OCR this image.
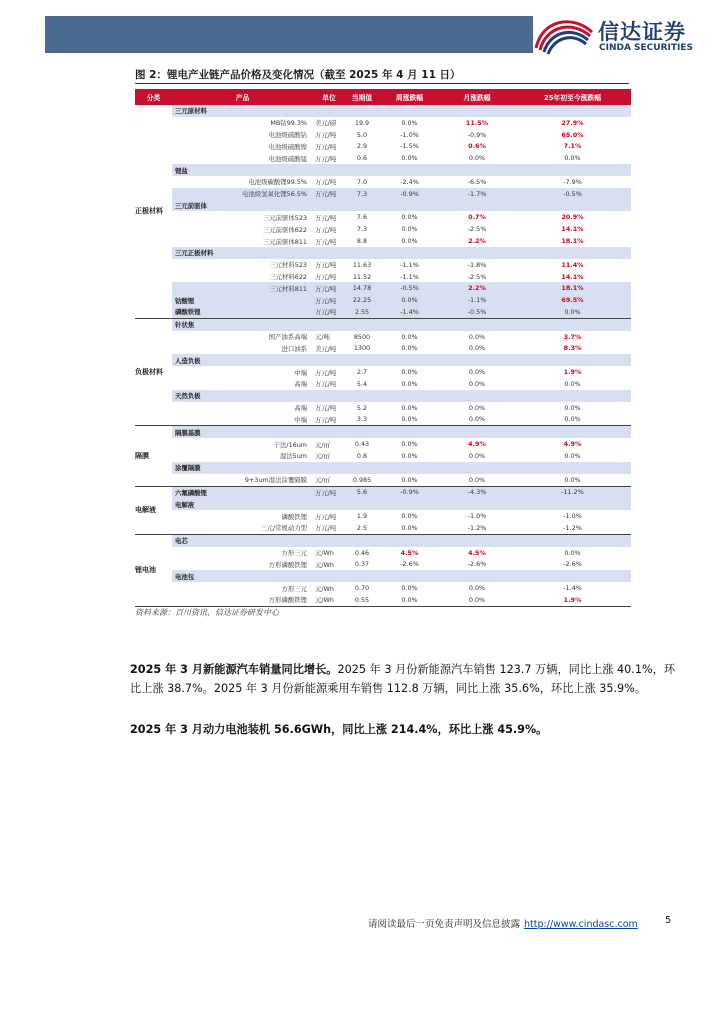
信达证券
CINDA SECURITIES
图 2：锂电产业链产品价格及变化情况（截至 2025 年 4 月 11 日）
分类	产品	单位	当期值	周涨跌幅	月涨跌幅	25年初至今涨跌幅
正极材料	三元原材料					
	MB钴99.3%	美元/磅	19.9	0.0%	11.5%	27.9%
	电池级硫酸钴	万元/吨	5.0	-1.0%	-0.9%	65.0%
	电池级硫酸镍	万元/吨	2.9	-1.5%	0.6%	7.1%
	电池级硫酸锰	万元/吨	0.6	0.0%	0.0%	0.0%
	锂盐					
	电池级碳酸锂99.5%	万元/吨	7.0	-2.4%	-6.5%	-7.9%
	电池级氢氧化锂56.5%	万元/吨	7.3	-0.9%	-1.7%	-0.5%
	三元前驱体					
	三元前驱体523	万元/吨	7.6	0.0%	0.7%	20.9%
	三元前驱体622	万元/吨	7.3	0.0%	-2.5%	14.1%
	三元前驱体811	万元/吨	8.8	0.0%	2.2%	18.1%
	三元正极材料					
	三元材料523	万元/吨	11.63	-1.1%	-1.8%	11.4%
	三元材料622	万元/吨	11.52	-1.1%	-2.5%	14.1%
	三元材料811	万元/吨	14.78	-0.5%	2.2%	18.1%
	钴酸锂	万元/吨	22.25	0.0%	-1.1%	69.5%
	磷酸铁锂	万元/吨	2.55	-1.4%	-0.5%	0.0%
负极材料	针状焦					
	国产油系高端	元/吨	8500	0.0%	0.0%	3.7%
	进口油系	美元/吨	1300	0.0%	0.0%	8.3%
	人造负极					
	中端	万元/吨	2.7	0.0%	0.0%	1.9%
	高端	万元/吨	5.4	0.0%	0.0%	0.0%
	天然负极					
	高端	万元/吨	5.2	0.0%	0.0%	0.0%
	中端	万元/吨	3.3	0.0%	0.0%	0.0%
隔膜	隔膜基膜					
	干法/16um	元/㎡	0.43	0.0%	4.9%	4.9%
	湿法5um	元/㎡	0.8	0.0%	0.0%	0.0%
	涂覆隔膜					
	9+3um湿法涂覆隔膜	元/㎡	0.985	0.0%	0.0%	0.0%
电解液	六氟磷酸锂	万元/吨	5.6	-0.9%	-4.3%	-11.2%
	电解液					
	磷酸铁锂	万元/吨	1.9	0.0%	-1.0%	-1.0%
	三元/常规动力型	万元/吨	2.5	0.0%	-1.2%	-1.2%
锂电池	电芯					
	方形三元	元/Wh	0.46	4.5%	4.5%	0.0%
	方形磷酸铁锂	元/Wh	0.37	-2.6%	-2.6%	-2.6%
	电池包					
	方形三元	元/Wh	0.70	0.0%	0.0%	-1.4%
	方形磷酸铁锂	元/Wh	0.55	0.0%	0.0%	1.9%
资料来源：百川资讯，信达证券研发中心
2025 年 3 月新能源汽车销量同比增长。2025 年 3 月份新能源汽车销售 123.7 万辆，同比上涨 40.1%，环比上涨 38.7%。2025 年 3 月份新能源乘用车销售 112.8 万辆，同比上涨 35.6%，环比上涨 35.9%。
2025 年 3 月动力电池装机 56.6GWh，同比上涨 214.4%，环比上涨 45.9%。
请阅读最后一页免责声明及信息披露 http://www.cindasc.com	5
